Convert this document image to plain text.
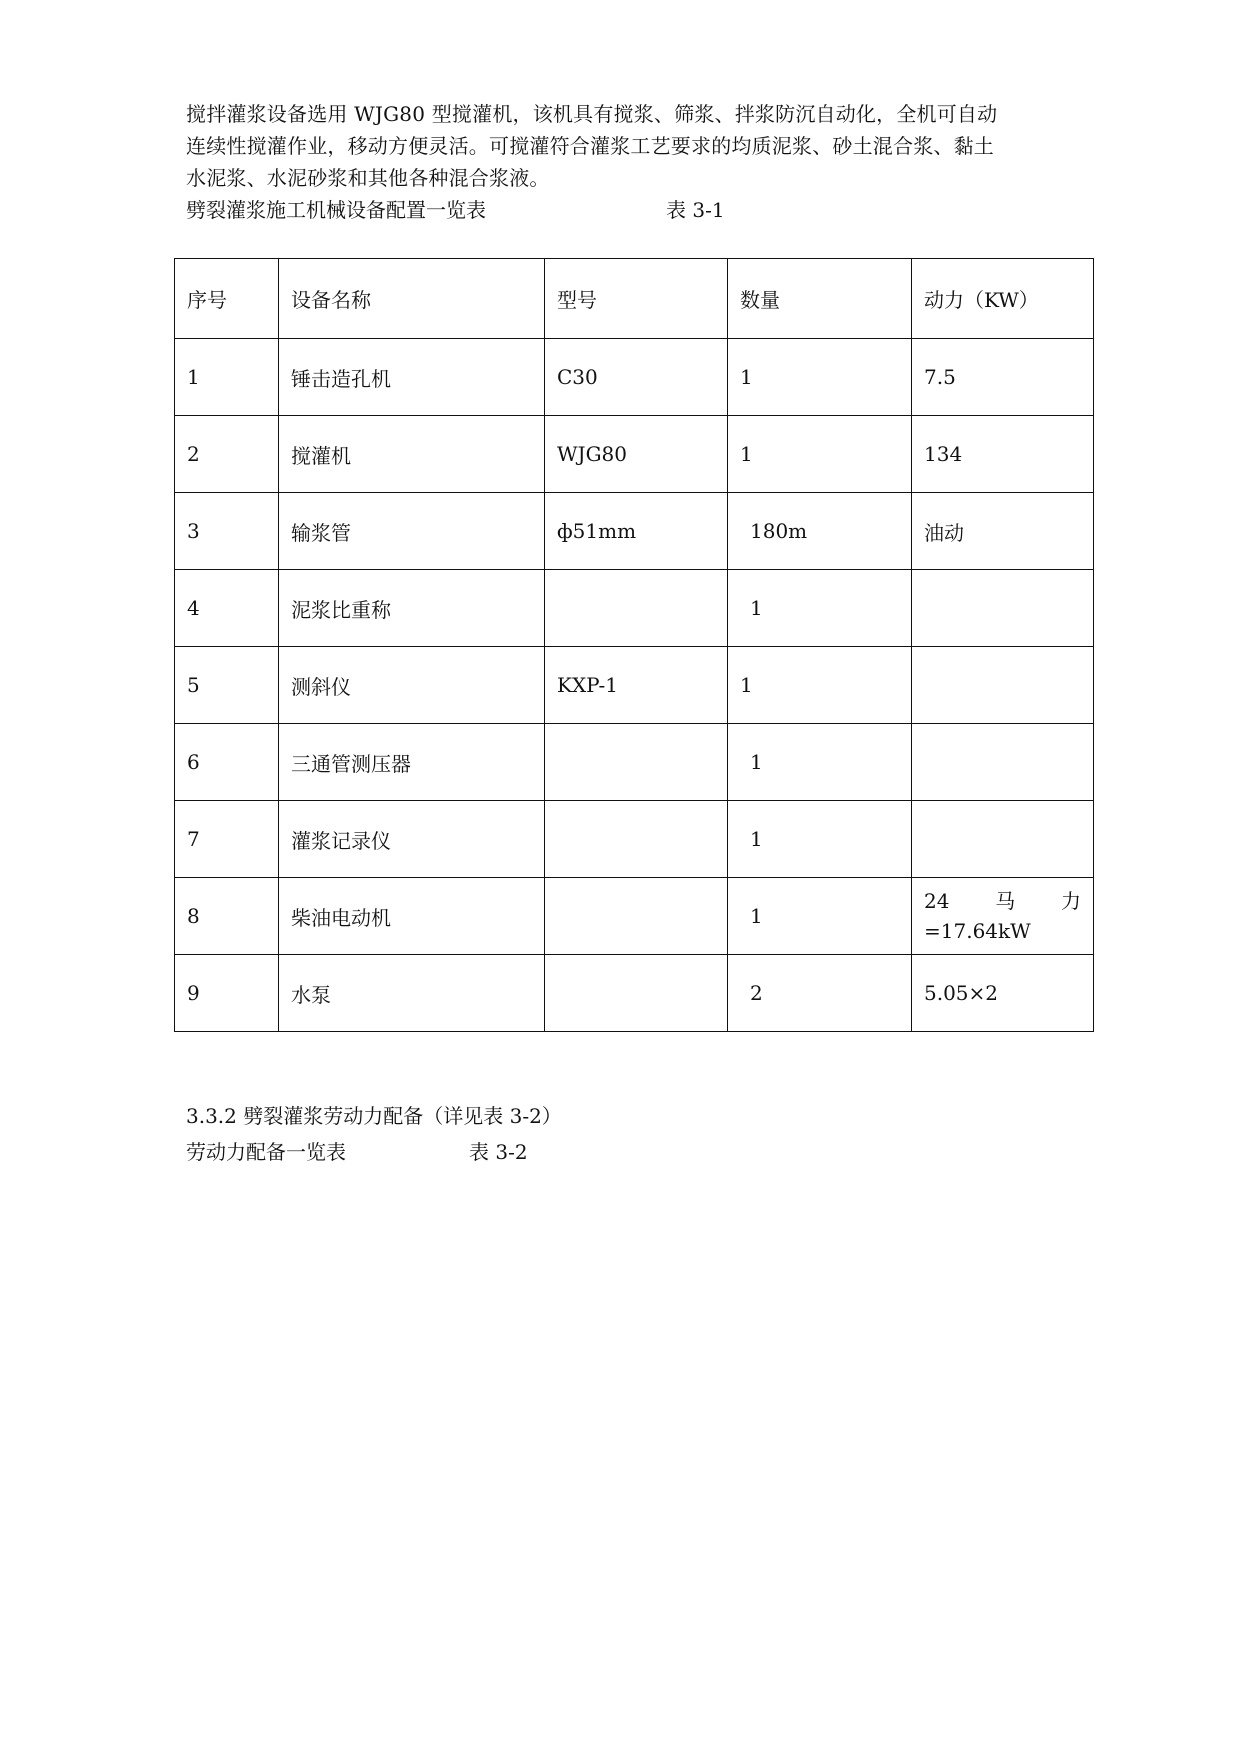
搅拌灌浆设备选用 WJG80 型搅灌机，该机具有搅浆、筛浆、拌浆防沉自动化，全机可自动
连续性搅灌作业，移动方便灵活。可搅灌符合灌浆工艺要求的均质泥浆、砂土混合浆、黏土
水泥浆、水泥砂浆和其他各种混合浆液。
劈裂灌浆施工机械设备配置一览表	表 3-1
序号	设备名称	型号	数量	动力（KW）
1	锤击造孔机	C30	1	7.5
2	搅灌机	WJG80	1	134
3	输浆管	ф51mm	180m	油动
4	泥浆比重称		1	
5	测斜仪	KXP-1	1	
6	三通管测压器		1	
7	灌浆记录仪		1	
8	柴油电动机		1	24 马 力
=17.64kW

9	水泵		2	5.05×2
3.3.2 劈裂灌浆劳动力配备（详见表 3-2）
劳动力配备一览表	表 3-2
